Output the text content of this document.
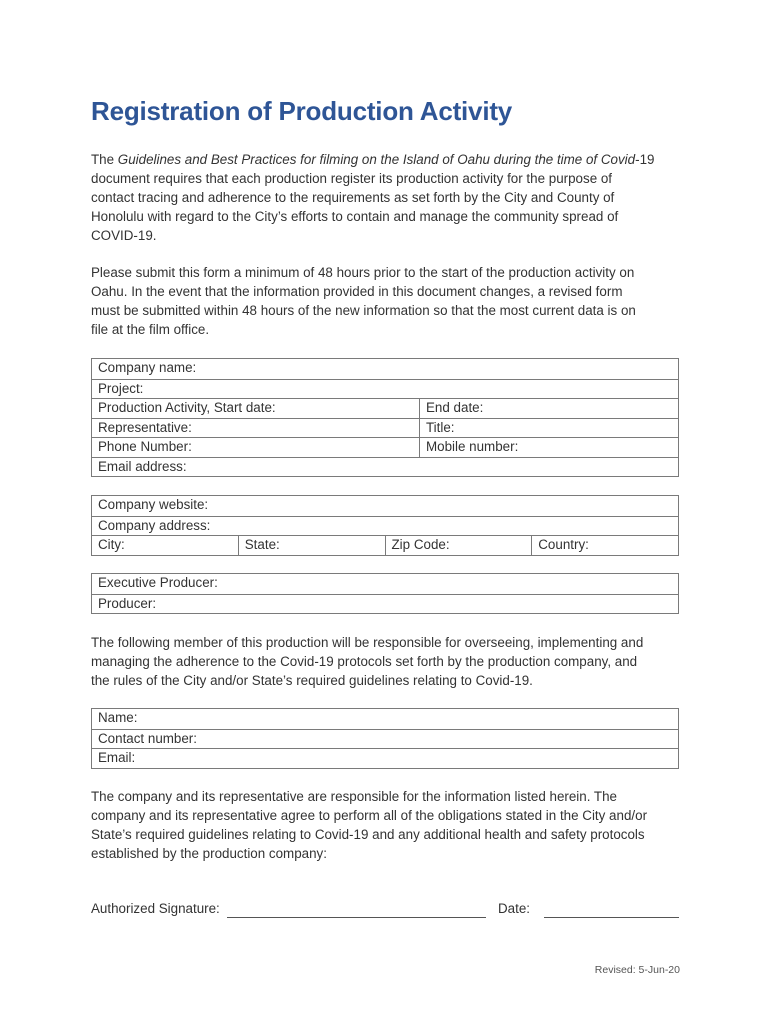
Registration of Production Activity

The Guidelines and Best Practices for filming on the Island of Oahu during the time of Covid-19
document requires that each production register its production activity for the purpose of
contact tracing and adherence to the requirements as set forth by the City and County of
Honolulu with regard to the City’s efforts to contain and manage the community spread of
COVID-19.

Please submit this form a minimum of 48 hours prior to the start of the production activity on
Oahu. In the event that the information provided in this document changes, a revised form
must be submitted within 48 hours of the new information so that the most current data is on
file at the film office.

Company name:
Project:
Production Activity, Start date:	End date:
Representative:	Title:
Phone Number:	Mobile number:
Email address:
Company website:
Company address:
City:	State:	Zip Code:	Country:
Executive Producer:
Producer:

The following member of this production will be responsible for overseeing, implementing and
managing the adherence to the Covid-19 protocols set forth by the production company, and
the rules of the City and/or State’s required guidelines relating to Covid-19.

Name:
Contact number:
Email:

The company and its representative are responsible for the information listed herein. The
company and its representative agree to perform all of the obligations stated in the City and/or
State’s required guidelines relating to Covid-19 and any additional health and safety protocols
established by the production company:

Authorized Signature:	Date:
Revised: 5-Jun-20
